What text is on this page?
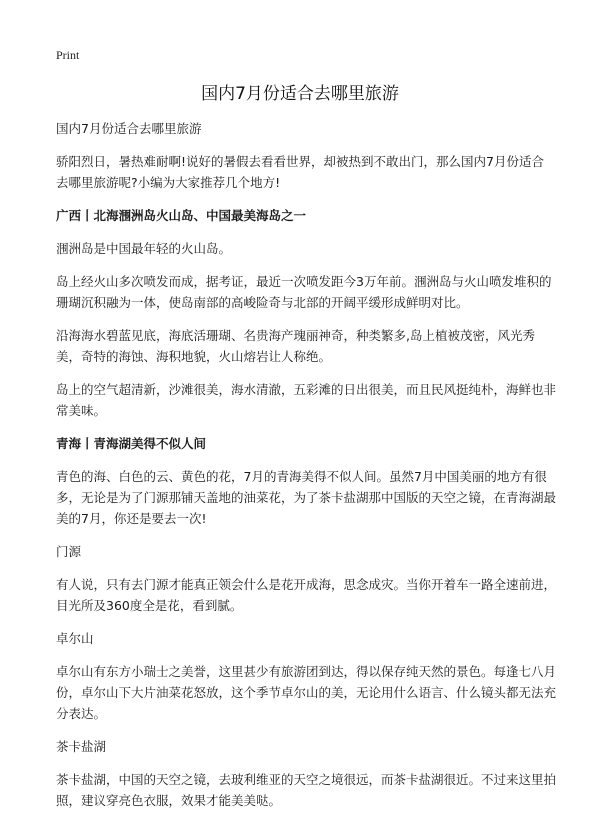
Print
国内7月份适合去哪里旅游

国内7月份适合去哪里旅游

骄阳烈日，暑热难耐啊!说好的暑假去看看世界，却被热到不敢出门，那么国内7月份适合去哪里旅游呢?小编为大家推荐几个地方!

广西丨北海涠洲岛火山岛、中国最美海岛之一

涠洲岛是中国最年轻的火山岛。

岛上经火山多次喷发而成，据考证，最近一次喷发距今3万年前。涠洲岛与火山喷发堆积的珊瑚沉积融为一体，使岛南部的高峻险奇与北部的开阔平缓形成鲜明对比。

沿海海水碧蓝见底，海底活珊瑚、名贵海产瑰丽神奇，种类繁多,岛上植被茂密，风光秀美，奇特的海蚀、海积地貌，火山熔岩让人称绝。

岛上的空气超清新，沙滩很美，海水清澈，五彩滩的日出很美，而且民风挺纯朴，海鲜也非常美味。

青海丨青海湖美得不似人间

青色的海、白色的云、黄色的花，7月的青海美得不似人间。虽然7月中国美丽的地方有很多，无论是为了门源那铺天盖地的油菜花，为了茶卡盐湖那中国版的天空之镜，在青海湖最美的7月，你还是要去一次!

门源

有人说，只有去门源才能真正领会什么是花开成海，思念成灾。当你开着车一路全速前进，目光所及360度全是花，看到腻。

卓尔山

卓尔山有东方小瑞士之美誉，这里甚少有旅游团到达，得以保存纯天然的景色。每逢七八月份，卓尔山下大片油菜花怒放，这个季节卓尔山的美，无论用什么语言、什么镜头都无法充分表达。

茶卡盐湖

茶卡盐湖，中国的天空之镜，去玻利维亚的天空之境很远，而茶卡盐湖很近。不过来这里拍照，建议穿亮色衣服，效果才能美美哒。
